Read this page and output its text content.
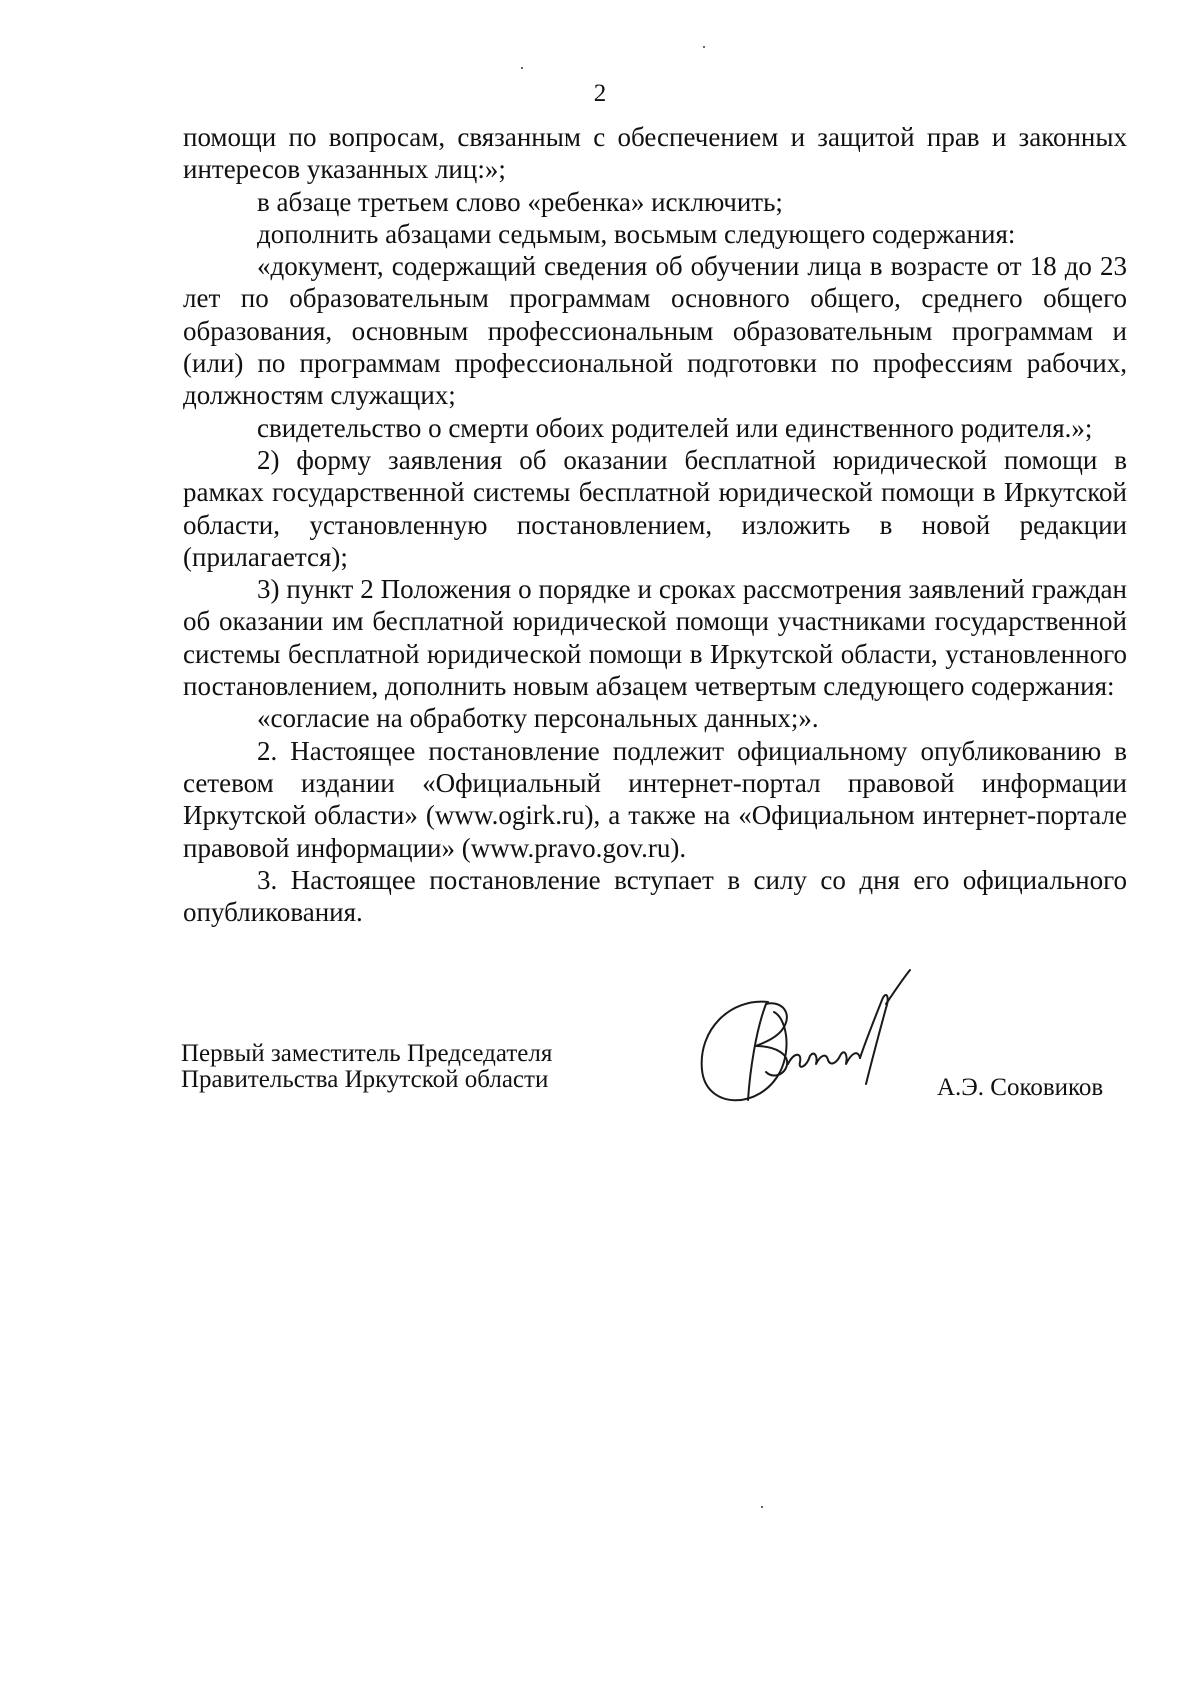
2

помощи по вопросам, связанным с обеспечением и защитой прав и законных

интересов указанных лиц:»;

в абзаце третьем слово «ребенка» исключить;

дополнить абзацами седьмым, восьмым следующего содержания:

«документ, содержащий сведения об обучении лица в возрасте от 18 до 23 лет по образовательным программам основного общего, среднего общего образования, основным профессиональным образовательным программам и (или) по программам профессиональной подготовки по профессиям рабочих, должностям служащих;

свидетельство о смерти обоих родителей или единственного родителя.»;

2) форму заявления об оказании бесплатной юридической помощи в рамках государственной системы бесплатной юридической помощи в Иркутской области, установленную постановлением, изложить в новой редакции (прилагается);

3) пункт 2 Положения о порядке и сроках рассмотрения заявлений граждан об оказании им бесплатной юридической помощи участниками государственной системы бесплатной юридической помощи в Иркутской области, установленного постановлением, дополнить новым абзацем четвертым следующего содержания:

«согласие на обработку персональных данных;».

2. Настоящее постановление подлежит официальному опубликованию в сетевом издании «Официальный интернет-портал правовой информации Иркутской области» (www.ogirk.ru), а также на «Официальном интернет-портале правовой информации» (www.pravo.gov.ru).

3. Настоящее постановление вступает в силу со дня его официального опубликования.

Первый заместитель Председателя
Правительства Иркутской области	А.Э. Соковиков
